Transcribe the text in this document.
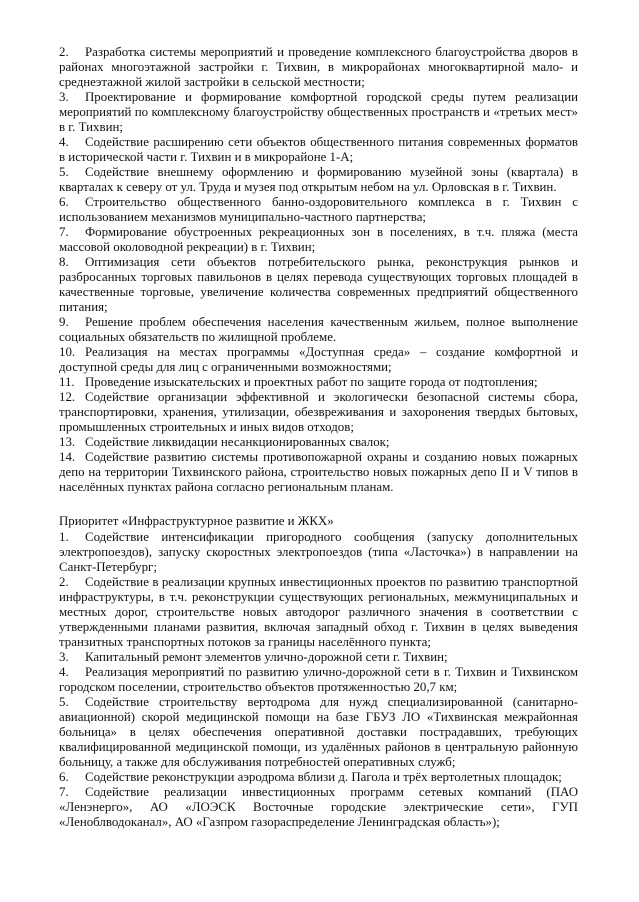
2. Разработка системы мероприятий и проведение комплексного благоустройства дворов в районах многоэтажной застройки г. Тихвин, в микрорайонах многоквартирной мало- и среднеэтажной жилой застройки в сельской местности;

3. Проектирование и формирование комфортной городской среды путем реализации мероприятий по комплексному благоустройству общественных пространств и «третьих мест» в г. Тихвин;

4. Содействие расширению сети объектов общественного питания современных форматов в исторической части г. Тихвин и в микрорайоне 1-А;

5. Содействие внешнему оформлению и формированию музейной зоны (квартала) в кварталах к северу от ул. Труда и музея под открытым небом на ул. Орловская в г. Тихвин.

6. Строительство общественного банно-оздоровительного комплекса в г. Тихвин с использованием механизмов муниципально-частного партнерства;

7. Формирование обустроенных рекреационных зон в поселениях, в т.ч. пляжа (места массовой околоводной рекреации) в г. Тихвин;

8. Оптимизация сети объектов потребительского рынка, реконструкция рынков и разбросанных торговых павильонов в целях перевода существующих торговых площадей в качественные торговые, увеличение количества современных предприятий общественного питания;

9. Решение проблем обеспечения населения качественным жильем, полное выполнение социальных обязательств по жилищной проблеме.

10. Реализация на местах программы «Доступная среда» – создание комфортной и доступной среды для лиц с ограниченными возможностями;

11. Проведение изыскательских и проектных работ по защите города от подтопления;

12. Содействие организации эффективной и экологически безопасной системы сбора, транспортировки, хранения, утилизации, обезвреживания и захоронения твердых бытовых, промышленных строительных и иных видов отходов;

13. Содействие ликвидации несанкционированных свалок;

14. Содействие развитию системы противопожарной охраны и созданию новых пожарных депо на территории Тихвинского района, строительство новых пожарных депо II и V типов в населённых пунктах района согласно региональным планам.

Приоритет «Инфраструктурное развитие и ЖКХ»

1. Содействие интенсификации пригородного сообщения (запуску дополнительных электропоездов), запуску скоростных электропоездов (типа «Ласточка») в направлении на Санкт-Петербург;

2. Содействие в реализации крупных инвестиционных проектов по развитию транспортной инфраструктуры, в т.ч. реконструкции существующих региональных, межмуниципальных и местных дорог, строительстве новых автодорог различного значения в соответствии с утвержденными планами развития, включая западный обход г. Тихвин в целях выведения транзитных транспортных потоков за границы населённого пункта;

3. Капитальный ремонт элементов улично-дорожной сети г. Тихвин;

4. Реализация мероприятий по развитию улично-дорожной сети в г. Тихвин и Тихвинском городском поселении, строительство объектов протяженностью 20,7 км;

5. Содействие строительству вертодрома для нужд специализированной (санитарно-авиационной) скорой медицинской помощи на базе ГБУЗ ЛО «Тихвинская межрайонная больница» в целях обеспечения оперативной доставки пострадавших, требующих квалифицированной медицинской помощи, из удалённых районов в центральную районную больницу, а также для обслуживания потребностей оперативных служб;

6. Содействие реконструкции аэродрома вблизи д. Пагола и трёх вертолетных площадок;

7. Содействие реализации инвестиционных программ сетевых компаний (ПАО «Ленэнерго», АО «ЛОЭСК Восточные городские электрические сети», ГУП «Леноблводоканал», АО «Газпром газораспределение Ленинградская область»);
